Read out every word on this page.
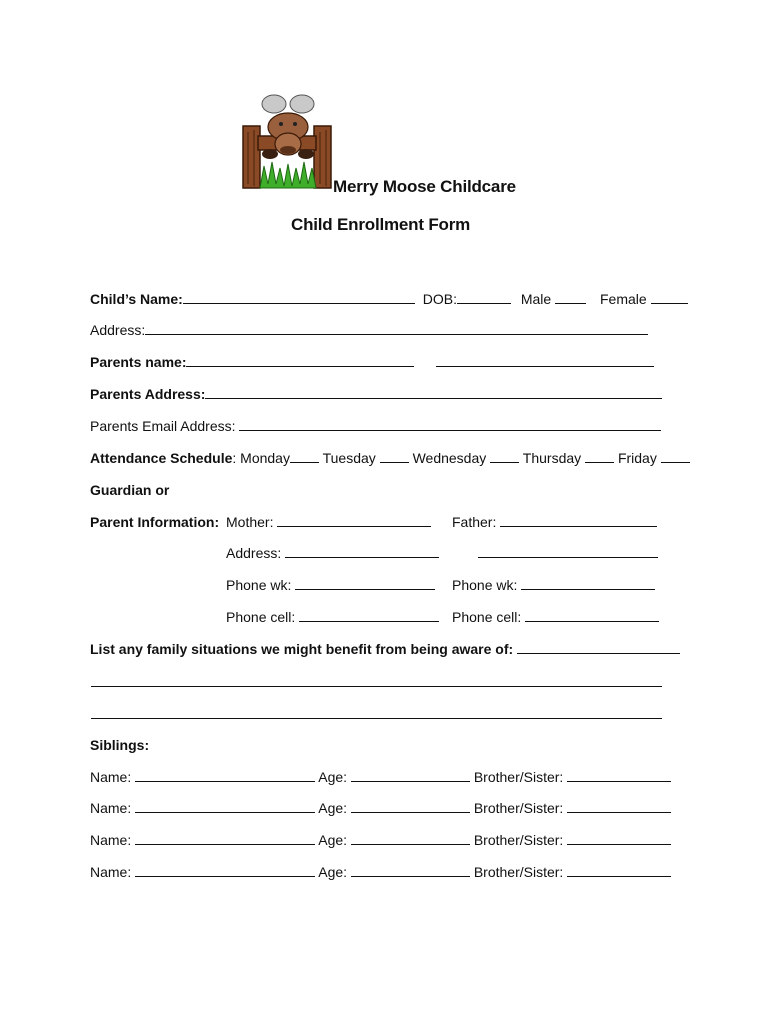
Merry Moose Childcare
Child Enrollment Form
Child’s Name:	DOB:	Male	Female
Address:
Parents name:
Parents Address:
Parents Email Address:
Attendance Schedule: Monday Tuesday	Wednesday	Thursday	Friday
Guardian or
Parent Information: Mother:	Father:
Address:
Phone wk:	Phone wk:
Phone cell:	Phone cell:
List any family situations we might benefit from being aware of:
Siblings:
Name:	Age:	Brother/Sister:
Name:	Age:	Brother/Sister:
Name:	Age:	Brother/Sister:
Name:	Age:	Brother/Sister:
